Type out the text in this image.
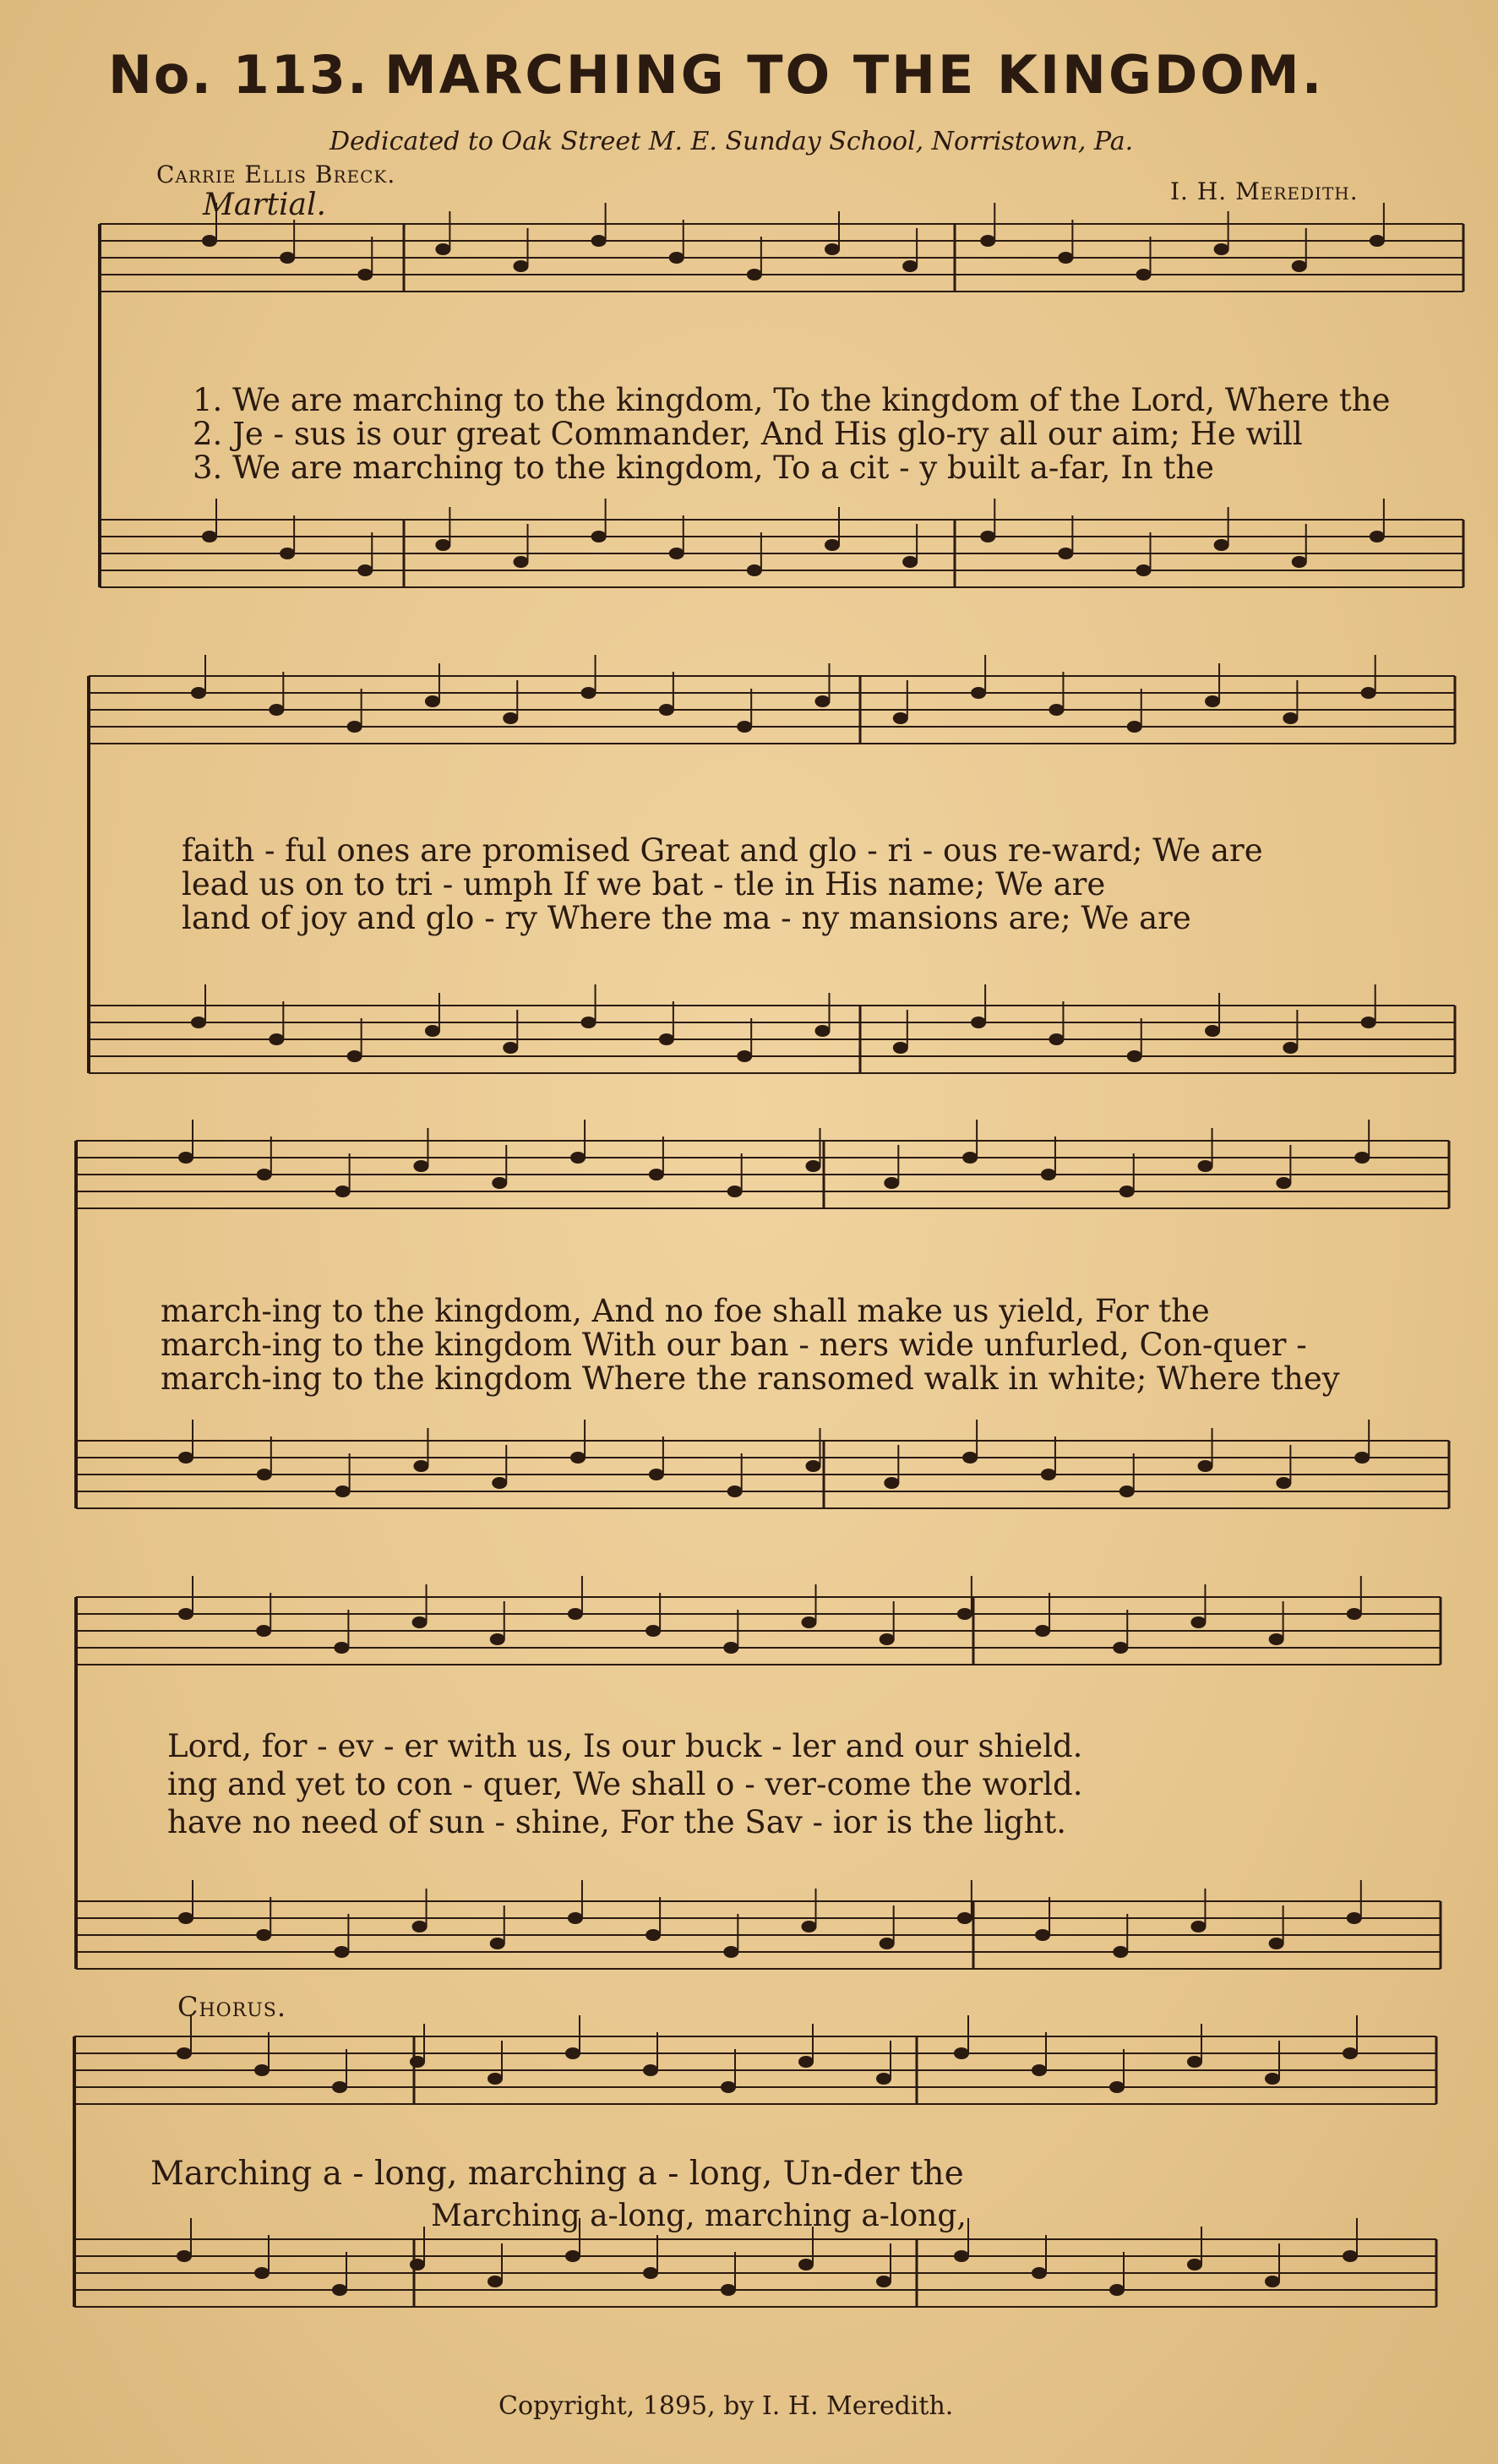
No. 113. MARCHING TO THE KINGDOM.
Dedicated to Oak Street M. E. Sunday School, Norristown, Pa.
Carrie Ellis Breck.
I. H. Meredith.
Martial.
1. We are marching to the kingdom, To the kingdom of the Lord, Where the
2. Je - sus is our great Commander, And His glo-ry all our aim; He will
3. We are marching to the kingdom, To a cit - y built a-far, In the
faith - ful ones are promised Great and glo - ri - ous re-ward; We are
lead us on to tri - umph If we bat - tle in His name; We are
land of joy and glo - ry Where the ma - ny mansions are; We are
march-ing to the kingdom, And no foe shall make us yield, For the
march-ing to the kingdom With our ban - ners wide unfurled, Con-quer -
march-ing to the kingdom Where the ransomed walk in white; Where they
Lord, for - ev - er with us, Is our buck - ler and our shield.
ing and yet to con - quer, We shall o - ver-come the world.
have no need of sun - shine, For the Sav - ior is the light.
Chorus.
Marching a - long, marching a - long, Un-der the
Marching a-long, marching a-long,
Copyright, 1895, by I. H. Meredith.
